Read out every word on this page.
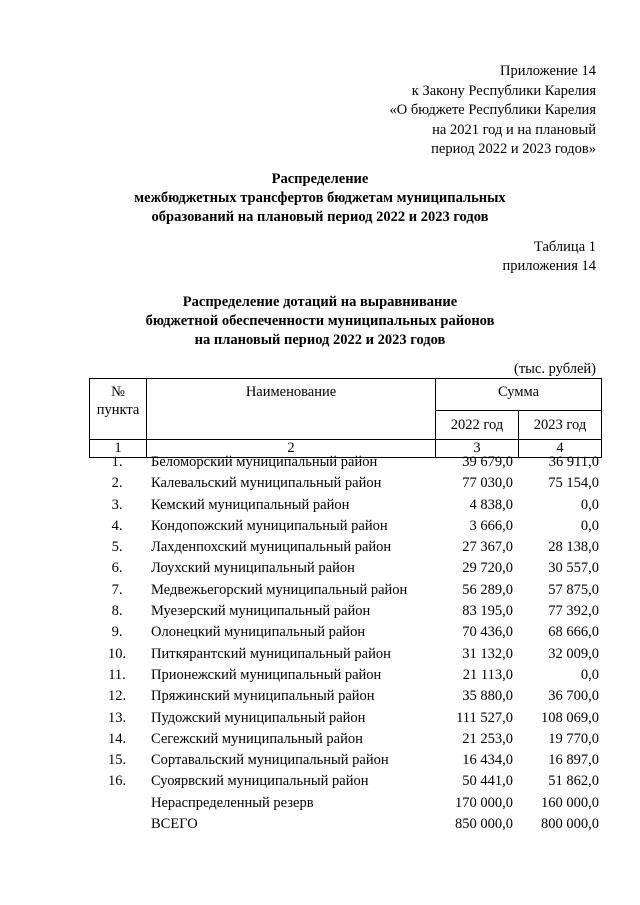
Приложение 14
к Закону Республики Карелия
«О бюджете Республики Карелия
на 2021 год и на плановый
период 2022 и 2023 годов»
Распределение
межбюджетных трансфертов бюджетам муниципальных
образований на плановый период 2022 и 2023 годов
Таблица 1
приложения 14
Распределение дотаций на выравнивание
бюджетной обеспеченности муниципальных районов
на плановый период 2022 и 2023 годов
(тыс. рублей)
№ пункта	Наименование	Сумма	
		2022 год	2023 год
1	2	3	4
1.	Беломорский муниципальный район	39 679,0	36 911,0
2.	Калевальский муниципальный район	77 030,0	75 154,0
3.	Кемский муниципальный район	4 838,0	0,0
4.	Кондопожский муниципальный район	3 666,0	0,0
5.	Лахденпохский муниципальный район	27 367,0	28 138,0
6.	Лоухский муниципальный район	29 720,0	30 557,0
7.	Медвежьегорский муниципальный район	56 289,0	57 875,0
8.	Муезерский муниципальный район	83 195,0	77 392,0
9.	Олонецкий муниципальный район	70 436,0	68 666,0
10.	Питкярантский муниципальный район	31 132,0	32 009,0
11.	Прионежский муниципальный район	21 113,0	0,0
12.	Пряжинский муниципальный район	35 880,0	36 700,0
13.	Пудожский муниципальный район	111 527,0	108 069,0
14.	Сегежский муниципальный район	21 253,0	19 770,0
15.	Сортавальский муниципальный район	16 434,0	16 897,0
16.	Суоярвский муниципальный район	50 441,0	51 862,0
	Нераспределенный резерв	170 000,0	160 000,0
	ВСЕГО	850 000,0	800 000,0
